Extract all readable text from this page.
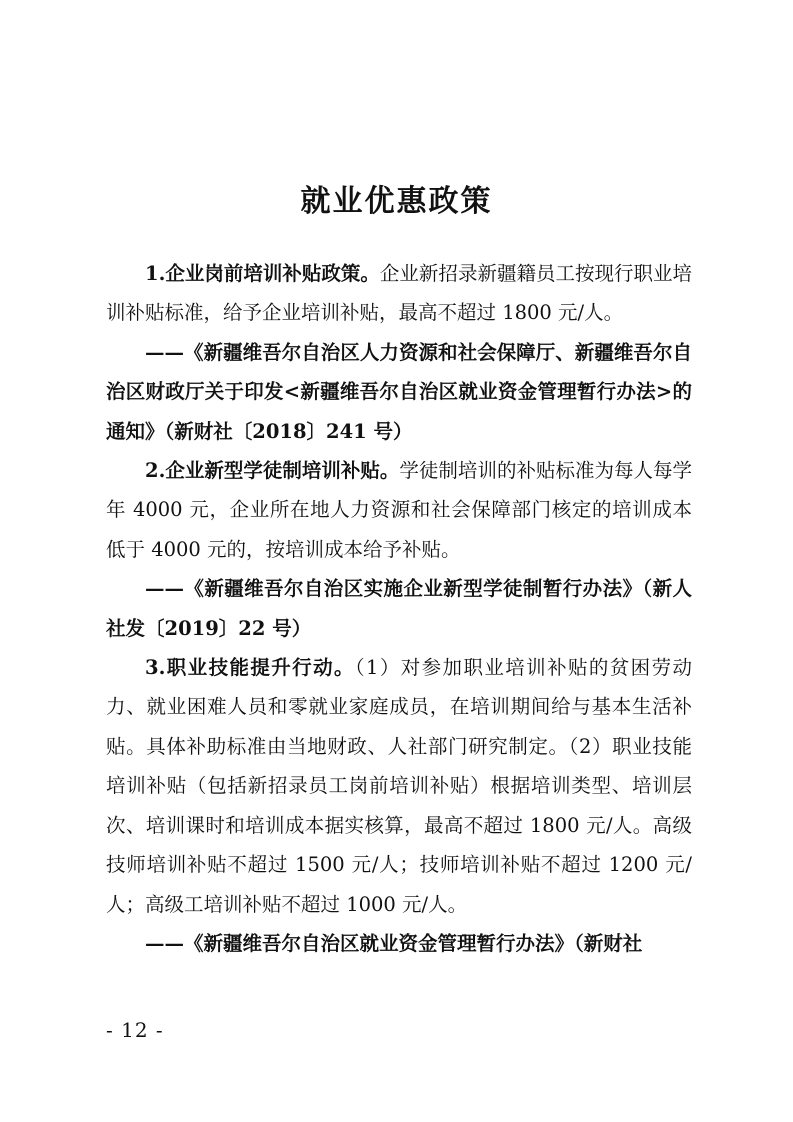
就业优惠政策

1.企业岗前培训补贴政策。企业新招录新疆籍员工按现行职业培训补贴标准，给予企业培训补贴，最高不超过 1800 元/人。

——《新疆维吾尔自治区人力资源和社会保障厅、新疆维吾尔自治区财政厅关于印发<新疆维吾尔自治区就业资金管理暂行办法>的通知》（新财社〔2018〕241 号）

2.企业新型学徒制培训补贴。学徒制培训的补贴标准为每人每学年 4000 元，企业所在地人力资源和社会保障部门核定的培训成本低于 4000 元的，按培训成本给予补贴。

——《新疆维吾尔自治区实施企业新型学徒制暂行办法》（新人社发〔2019〕22 号）

3.职业技能提升行动。（1）对参加职业培训补贴的贫困劳动力、就业困难人员和零就业家庭成员，在培训期间给与基本生活补贴。具体补助标准由当地财政、人社部门研究制定。（2）职业技能培训补贴（包括新招录员工岗前培训补贴）根据培训类型、培训层次、培训课时和培训成本据实核算，最高不超过 1800 元/人。高级技师培训补贴不超过 1500 元/人；技师培训补贴不超过 1200 元/人；高级工培训补贴不超过 1000 元/人。

——《新疆维吾尔自治区就业资金管理暂行办法》（新财社

- 12 -
